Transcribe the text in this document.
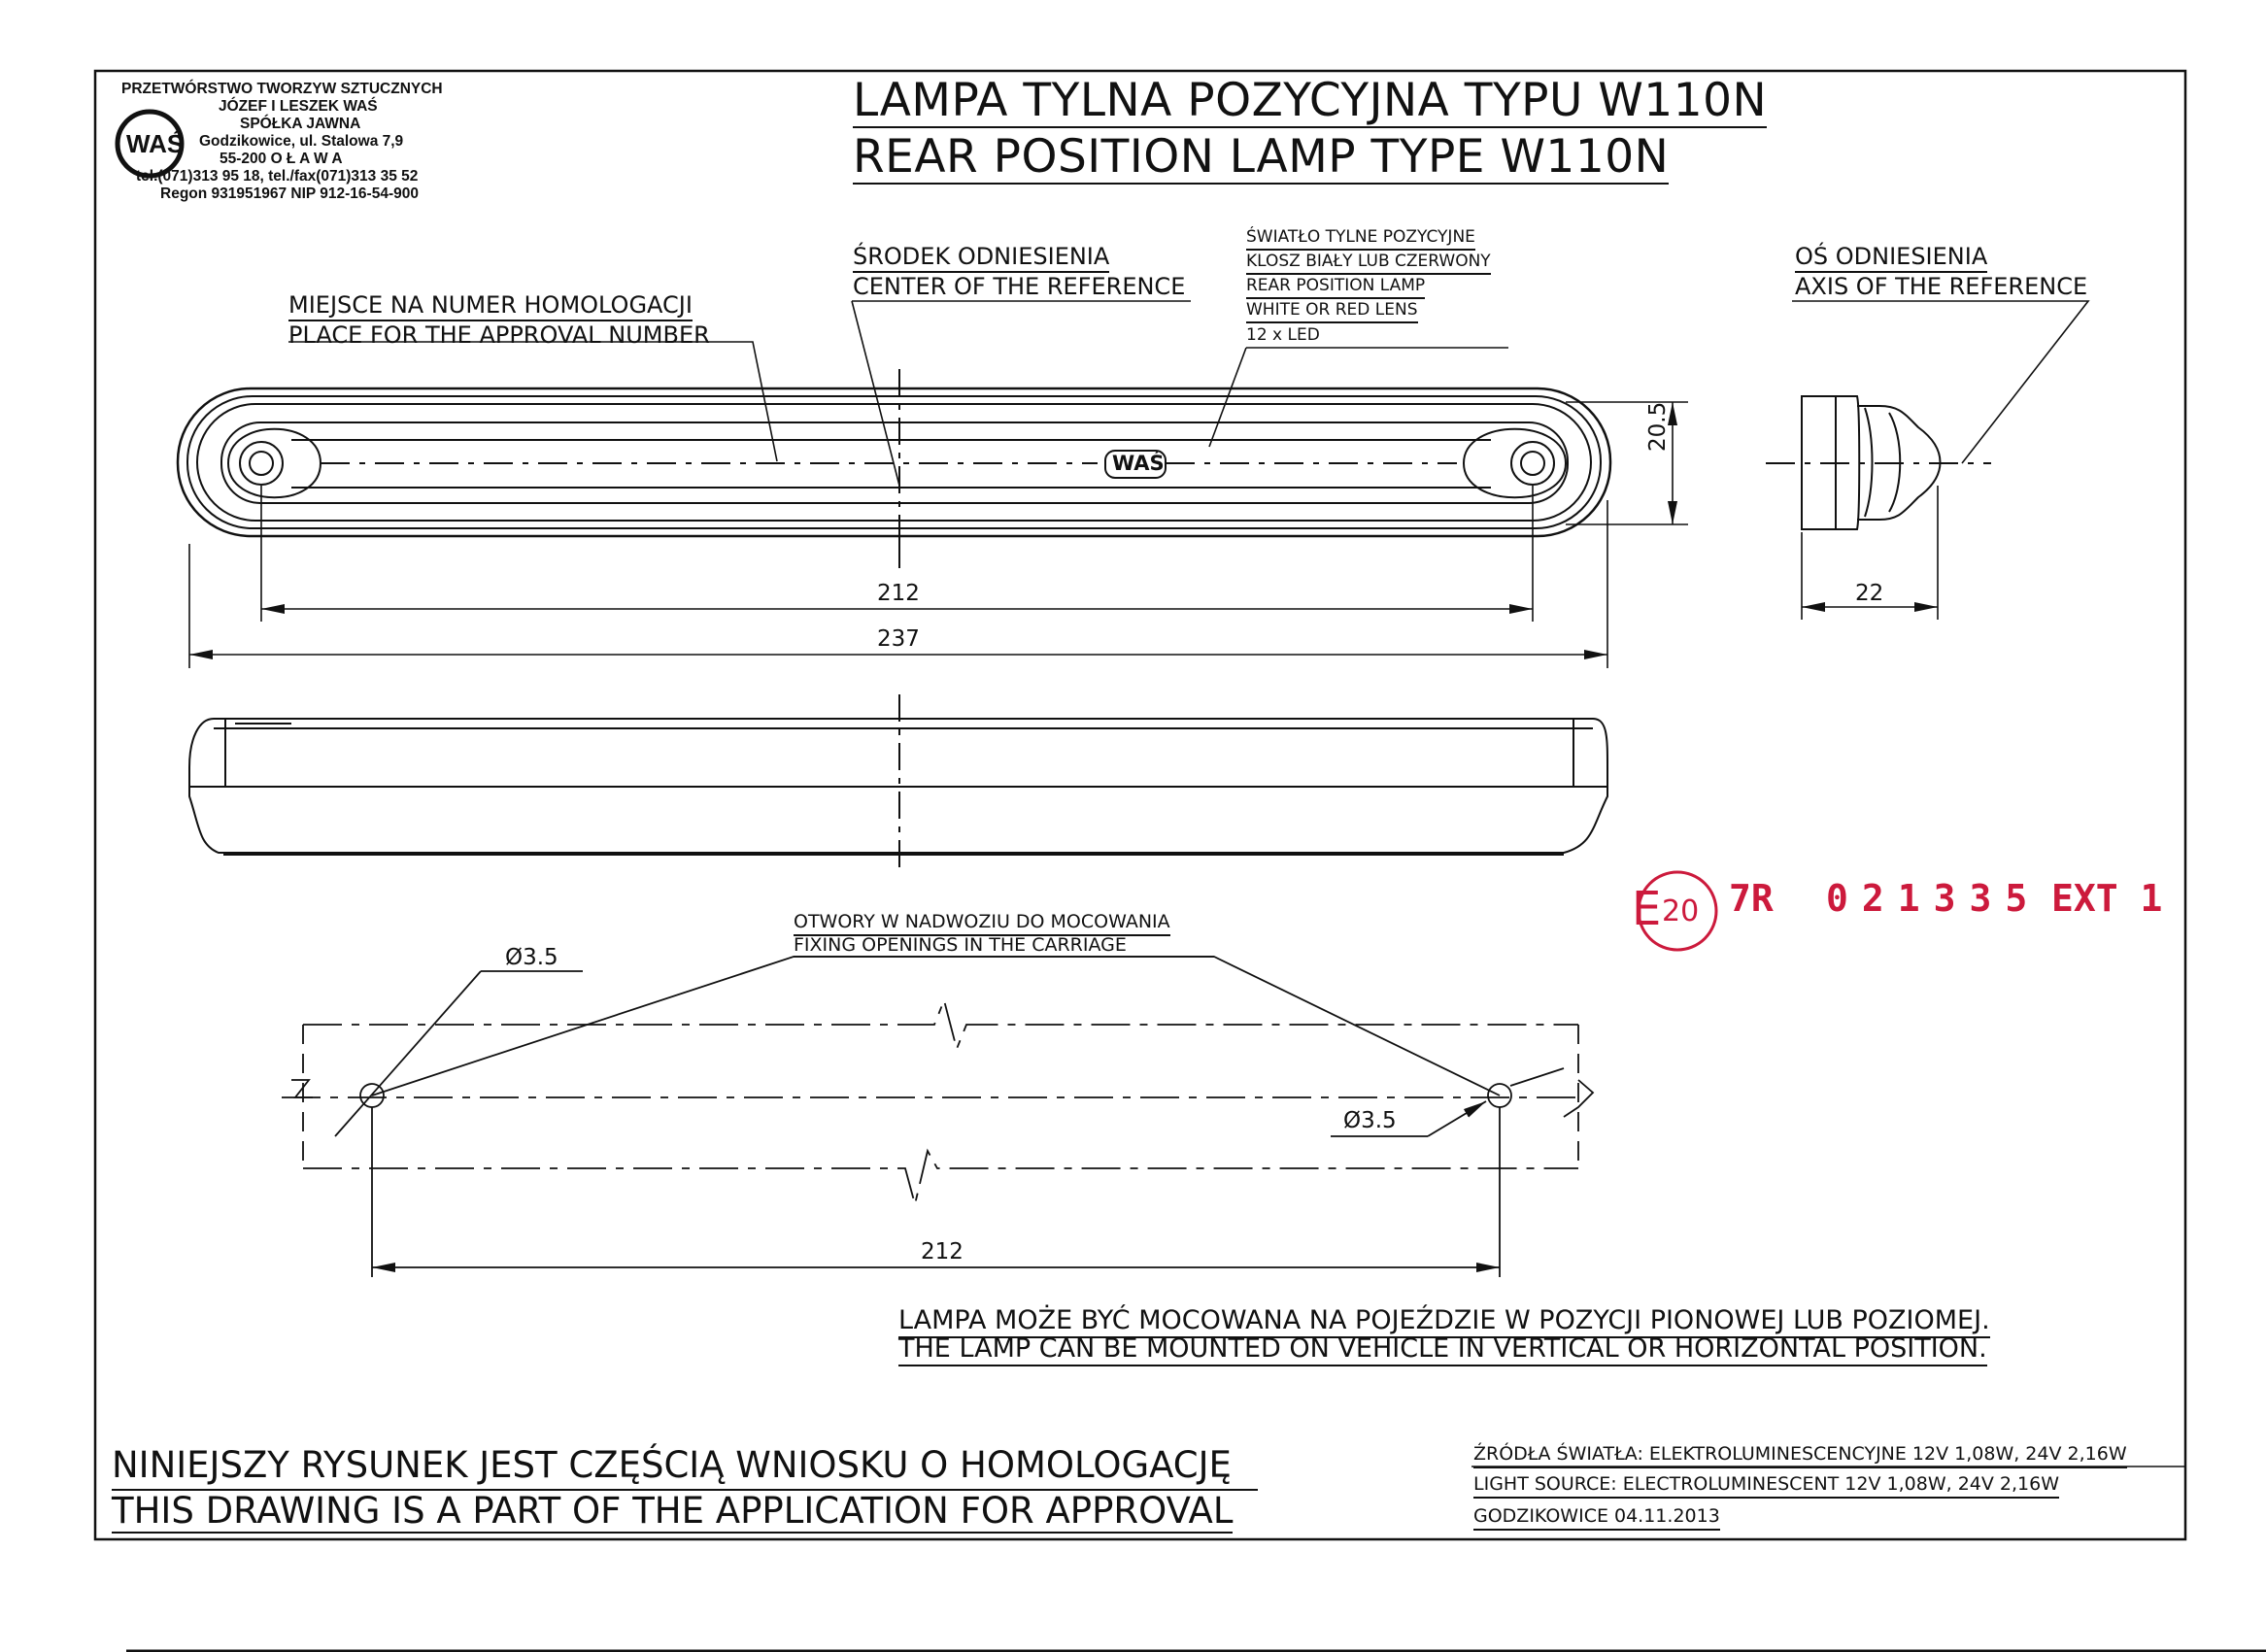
PRZETWÓRSTWO TWORZYW SZTUCZNYCH
JÓZEF I LESZEK WAŚ
SPÓŁKA JAWNA
Godzikowice, ul. Stalowa 7,9
55-200 O Ł A W A
tel.(071)313 95 18, tel./fax(071)313 35 52
Regon 931951967 NIP 912-16-54-900
WAŚ
LAMPA TYLNA POZYCYJNA TYPU W110N
REAR POSITION LAMP TYPE W110N
MIEJSCE NA NUMER HOMOLOGACJI
PLACE FOR THE APPROVAL NUMBER
ŚRODEK ODNIESIENIA
CENTER OF THE REFERENCE
ŚWIATŁO TYLNE POZYCYJNE
KLOSZ BIAŁY LUB CZERWONY
REAR POSITION LAMP
WHITE OR RED LENS
12 x LED
OŚ ODNIESIENIA
AXIS OF THE REFERENCE
WAŚ
OTWORY W NADWOZIU DO MOCOWANIA
FIXING OPENINGS IN THE CARRIAGE
20.5
212
237
22
Ø3.5
Ø3.5
212
E 20 7R 021335 EXT 1
LAMPA MOŻE BYĆ MOCOWANA NA POJEŹDZIE W POZYCJI PIONOWEJ LUB POZIOMEJ.
THE LAMP CAN BE MOUNTED ON VEHICLE IN VERTICAL OR HORIZONTAL POSITION.
NINIEJSZY RYSUNEK JEST CZĘŚCIĄ WNIOSKU O HOMOLOGACJĘ
THIS DRAWING IS A PART OF THE APPLICATION FOR APPROVAL
ŹRÓDŁA ŚWIATŁA: ELEKTROLUMINESCENCYJNE 12V 1,08W, 24V 2,16W
LIGHT SOURCE: ELECTROLUMINESCENT 12V 1,08W, 24V 2,16W
GODZIKOWICE 04.11.2013
